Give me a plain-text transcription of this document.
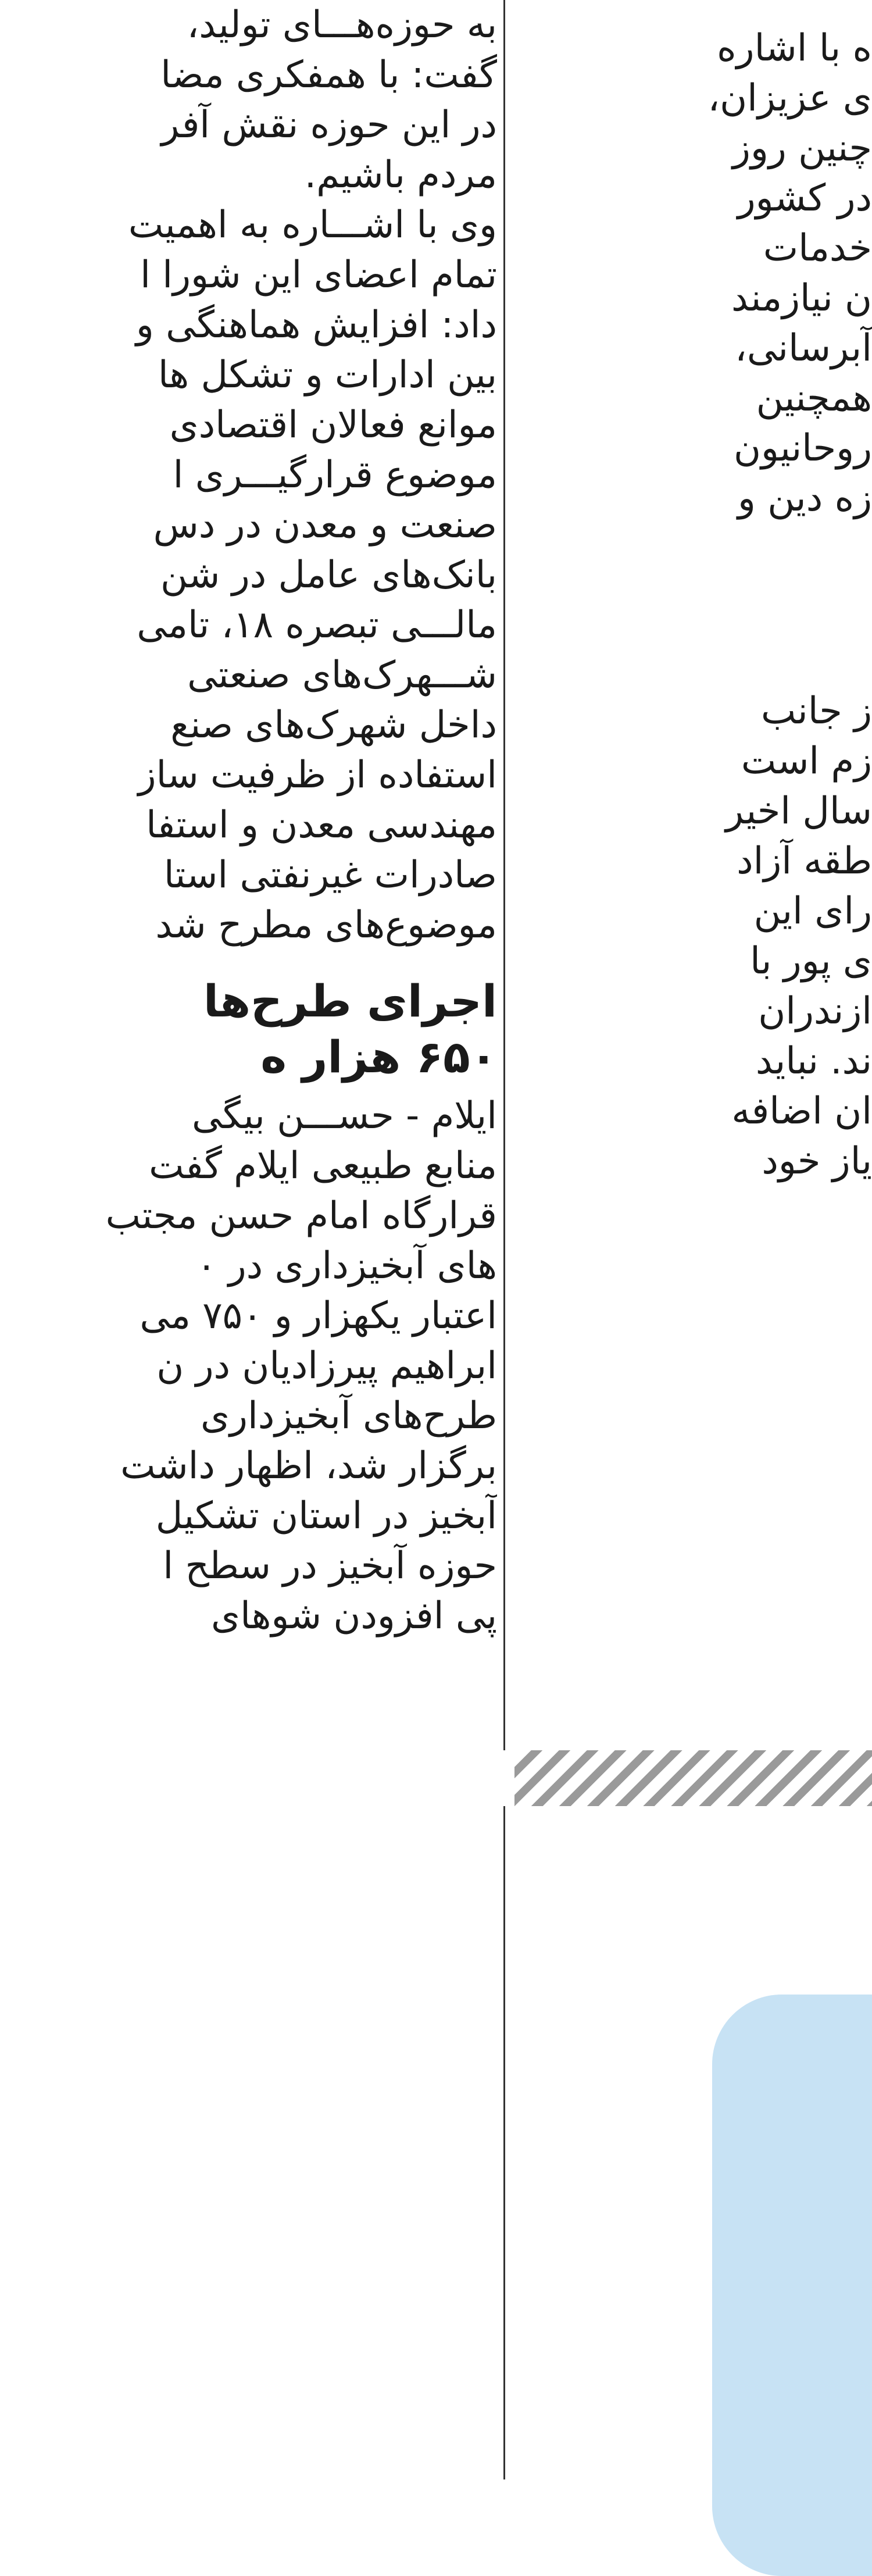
به حوزه‌هـــای تولید،
گفت: با همفکری مضا
در این حوزه نقش آفر
مردم باشیم.
وی با اشـــاره به اهمیت
تمام اعضای این شورا ا
داد: افزایش هماهنگی و
بین ادارات و تشکل ها
موانع فعالان اقتصادی
موضوع قرارگیـــری ا
صنعت و معدن در دس
بانک‌های عامل در شن
مالـــی تبصره ۱۸، تامی
شـــهرک‌های صنعتی
داخل شهرک‌های صنع
استفاده از ظرفیت ساز
مهندسی معدن و استفا
صادرات غیرنفتی استا
موضوع‌های مطرح شد
اجرای طرح‌ها
۶۵۰ هزار ه
ایلام - حســـن بیگی
منابع طبیعی ایلام گفت
قرارگاه امام حسن مجتب
های آبخیزداری در ۰
اعتبار یکهزار و ۷۵۰ می
ابراهیم پیرزادیان در ن
طرح‌های آبخیزداری
برگزار شد، اظهار داشت
آبخیز در استان تشکیل
حوزه آبخیز در سطح ا
پی افزودن شوهای
ه با اشاره
ی عزیزان،
چنین روز
در کشور
خدمات
ن نیازمند
آبرسانی،
همچنین
روحانیون
زه دین و
ز جانب
زم است
سال اخیر
طقه آزاد
رای این
ی پور با
ازندران
ند. نباید
ان اضافه
یاز خود
